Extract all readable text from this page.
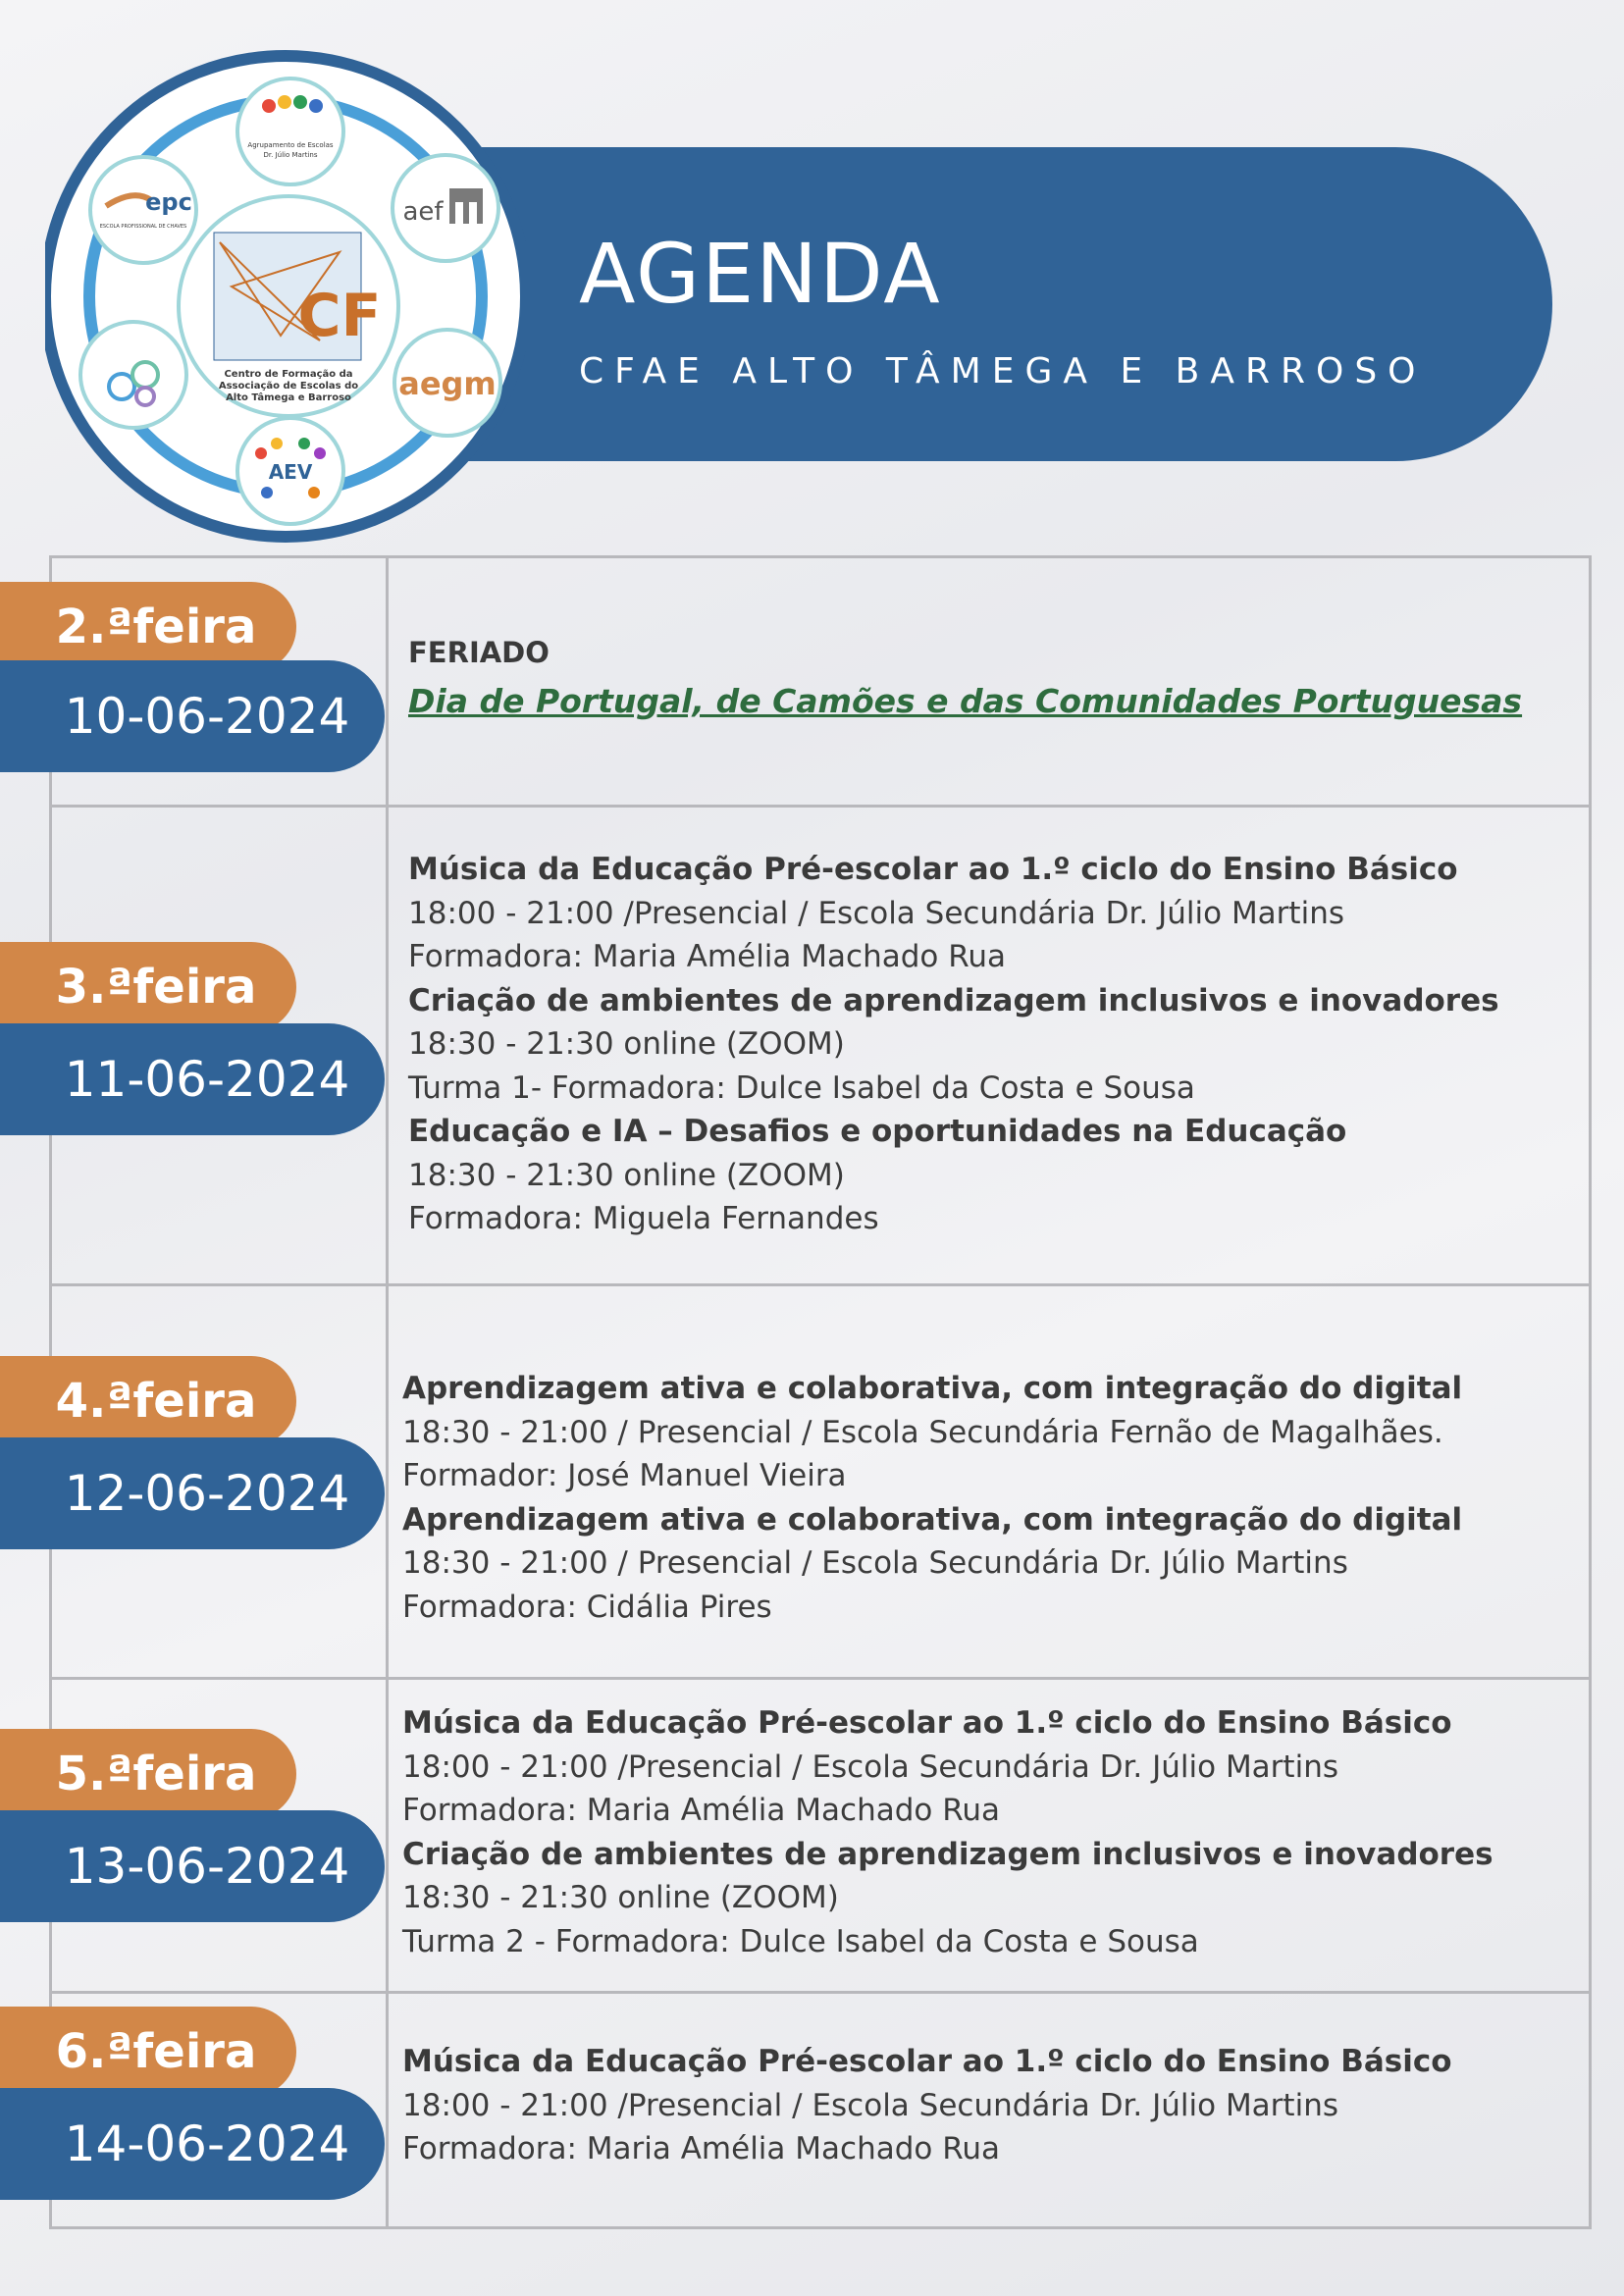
AGENDA
CFAE ALTO TÂMEGA E BARROSO
CF
Centro de Formação da
Associação de Escolas do
Alto Tâmega e Barroso
Agrupamento de Escolas
Dr. Júlio Martins
epc
ESCOLA PROFISSIONAL DE CHAVES	aef
aegm
AEV
2.ªfeira
10-06-2024
FERIADO
Dia de Portugal, de Camões e das Comunidades Portuguesas
3.ªfeira
11-06-2024
Música da Educação Pré-escolar ao 1.º ciclo do Ensino Básico
18:00 - 21:00 /Presencial / Escola Secundária Dr. Júlio Martins
Formadora: Maria Amélia Machado Rua
Criação de ambientes de aprendizagem inclusivos e inovadores
18:30 - 21:30 online (ZOOM)
Turma 1- Formadora: Dulce Isabel da Costa e Sousa
Educação e IA – Desafios e oportunidades na Educação
18:30 - 21:30 online (ZOOM)
Formadora: Miguela Fernandes
4.ªfeira
12-06-2024
Aprendizagem ativa e colaborativa, com integração do digital
18:30 - 21:00 / Presencial / Escola Secundária Fernão de Magalhães.
Formador: José Manuel Vieira
Aprendizagem ativa e colaborativa, com integração do digital
18:30 - 21:00 / Presencial / Escola Secundária Dr. Júlio Martins
Formadora: Cidália Pires
5.ªfeira
13-06-2024
Música da Educação Pré-escolar ao 1.º ciclo do Ensino Básico
18:00 - 21:00 /Presencial / Escola Secundária Dr. Júlio Martins
Formadora: Maria Amélia Machado Rua
Criação de ambientes de aprendizagem inclusivos e inovadores
18:30 - 21:30 online (ZOOM)
Turma 2 - Formadora: Dulce Isabel da Costa e Sousa
6.ªfeira
14-06-2024
Música da Educação Pré-escolar ao 1.º ciclo do Ensino Básico
18:00 - 21:00 /Presencial / Escola Secundária Dr. Júlio Martins
Formadora: Maria Amélia Machado Rua
